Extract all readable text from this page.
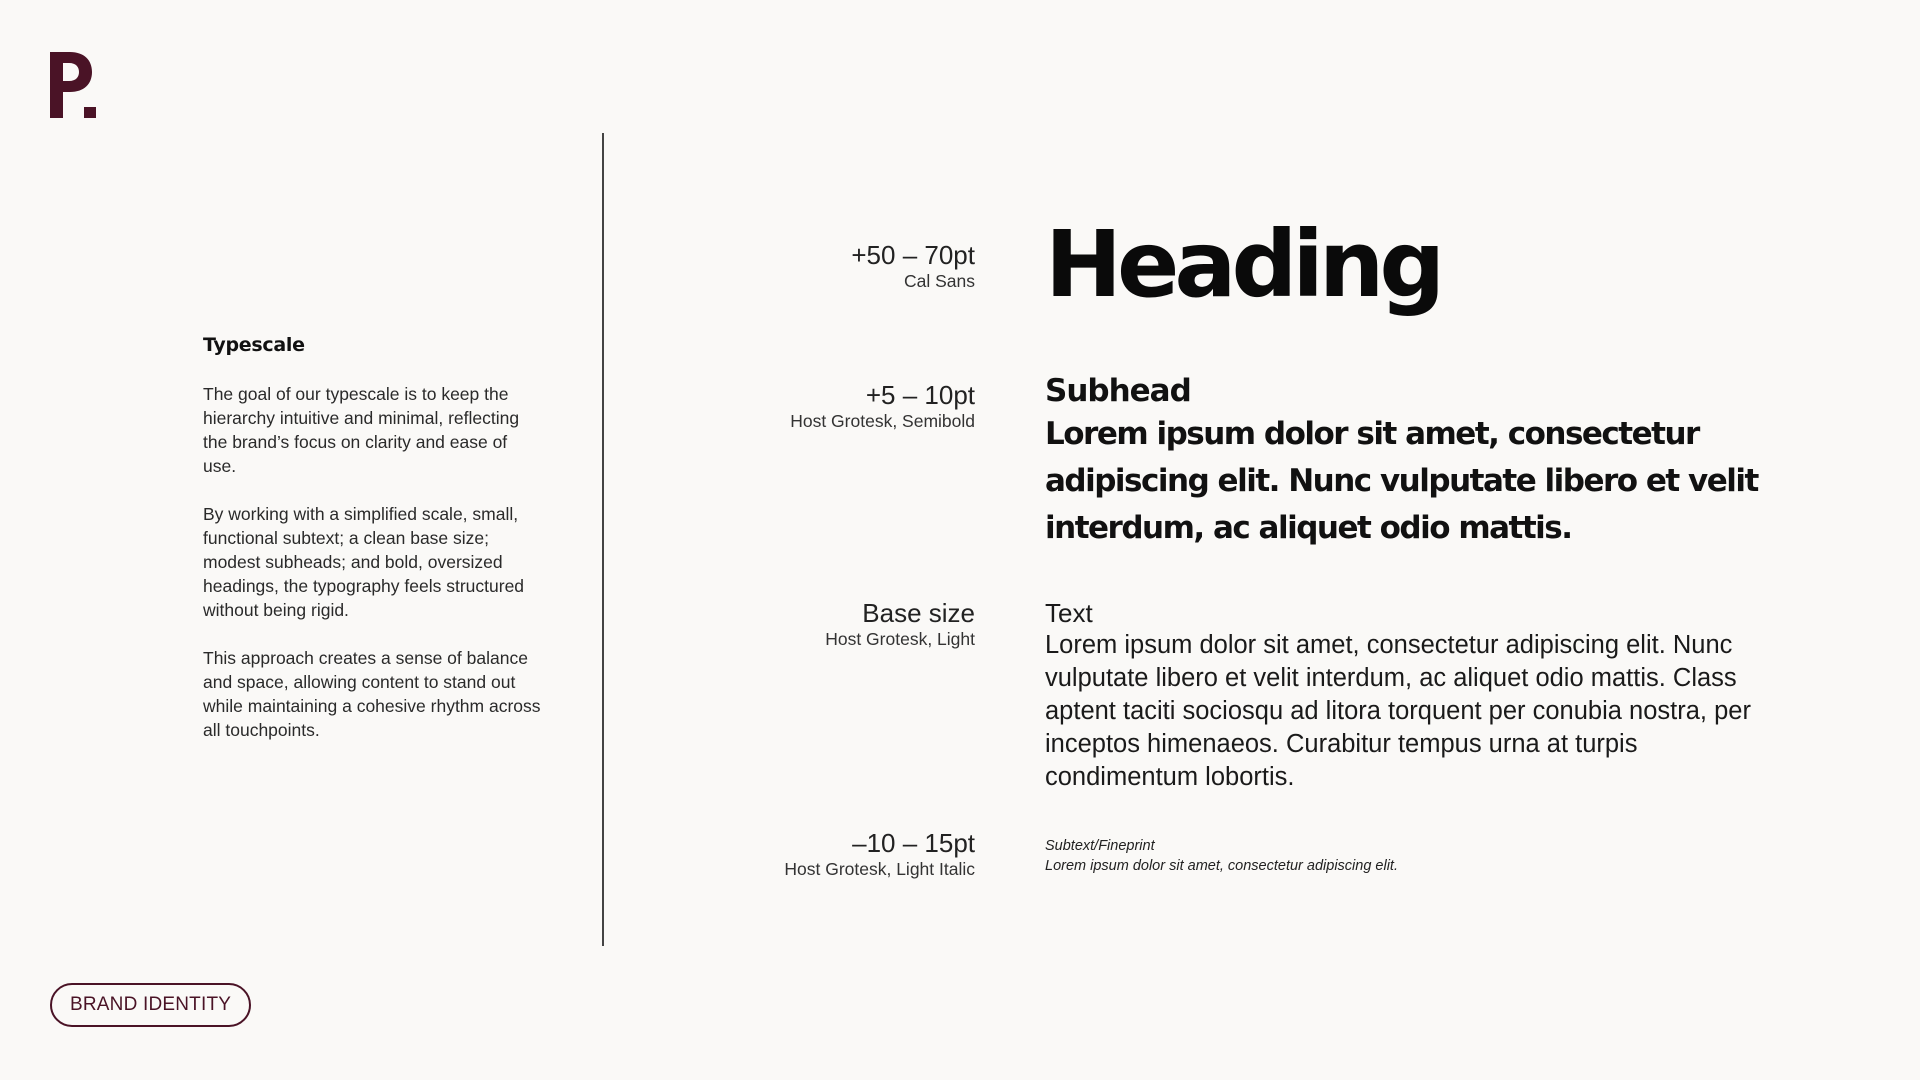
Typescale

The goal of our typescale is to keep the hierarchy intuitive and minimal, reflecting the brand’s focus on clarity and ease of use.

By working with a simplified scale, small, functional subtext; a clean base size; modest subheads; and bold, oversized headings, the typography feels structured without being rigid.

This approach creates a sense of balance and space, allowing content to stand out while maintaining a cohesive rhythm across all touchpoints.

+50 – 70pt
Cal Sans Heading
+5 – 10pt
Host Grotesk, Semibold
Subhead
Lorem ipsum dolor sit amet, consectetur adipiscing elit. Nunc vulputate libero et velit interdum, ac aliquet odio mattis.
Base size
Host Grotesk, Light
Text
Lorem ipsum dolor sit amet, consectetur adipiscing elit. Nunc vulputate libero et velit interdum, ac aliquet odio mattis. Class aptent taciti sociosqu ad litora torquent per conubia nostra, per inceptos himenaeos. Curabitur tempus urna at turpis condimentum lobortis.
–10 – 15pt
Host Grotesk, Light Italic
Subtext/Fineprint
Lorem ipsum dolor sit amet, consectetur adipiscing elit.
BRAND IDENTITY
